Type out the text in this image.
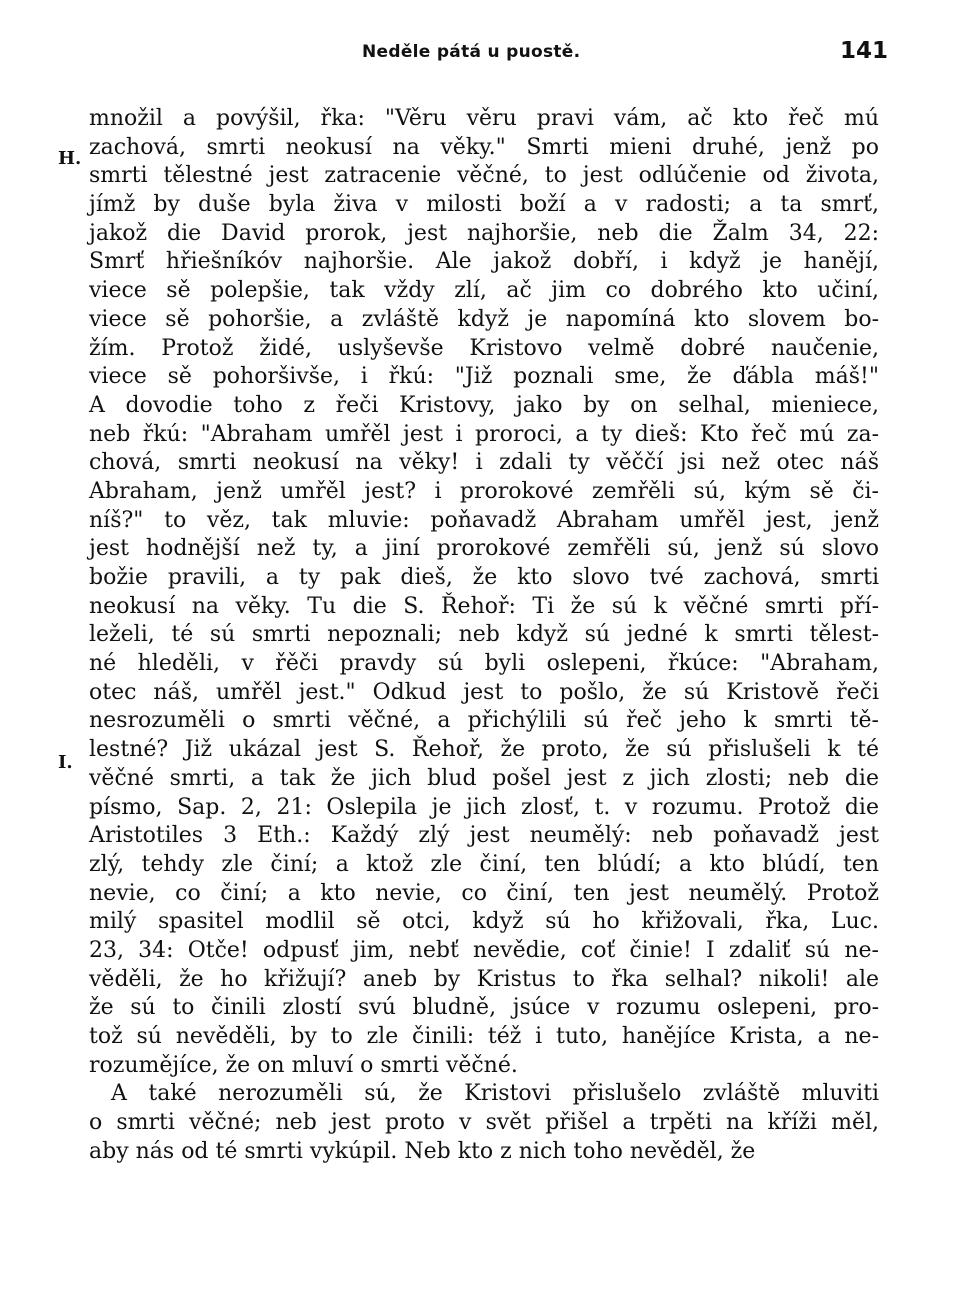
Neděle pátá u puostě.	141
H.
I.
množil a povýšil, řka: "Věru věru pravi vám, ač kto řeč mú
zachová, smrti neokusí na věky." Smrti mieni druhé, jenž po
smrti tělestné jest zatracenie věčné, to jest odlúčenie od života,
jímž by duše byla živa v milosti boží a v radosti; a ta smrť,
jakož die David prorok, jest najhoršie, neb die Žalm 34, 22:
Smrť hřiešníkóv najhoršie. Ale jakož dobří, i když je hanějí,
viece sě polepšie, tak vždy zlí, ač jim co dobrého kto učiní,
viece sě pohoršie, a zvláště když je napomíná kto slovem bo-
žím. Protož židé, uslyševše Kristovo velmě dobré naučenie,
viece sě pohoršivše, i řkú: "Již poznali sme, že ďábla máš!"
A dovodie toho z řeči Kristovy, jako by on selhal, mieniece,
neb řkú: "Abraham umřěl jest i proroci, a ty dieš: Kto řeč mú za-
chová, smrti neokusí na věky! i zdali ty věččí jsi než otec náš
Abraham, jenž umřěl jest? i prorokové zemřěli sú, kým sě či-
níš?" to věz, tak mluvie: poňavadž Abraham umřěl jest, jenž
jest hodnější než ty, a jiní prorokové zemřěli sú, jenž sú slovo
božie pravili, a ty pak dieš, že kto slovo tvé zachová, smrti
neokusí na věky. Tu die S. Řehoř: Ti že sú k věčné smrti pří-
leželi, té sú smrti nepoznali; neb když sú jedné k smrti tělest-
né hleděli, v řěči pravdy sú byli oslepeni, řkúce: "Abraham,
otec náš, umřěl jest." Odkud jest to pošlo, že sú Kristově řeči
nesrozuměli o smrti věčné, a přichýlili sú řeč jeho k smrti tě-
lestné? Již ukázal jest S. Řehoř, že proto, že sú přislušeli k té
věčné smrti, a tak že jich blud pošel jest z jich zlosti; neb die
písmo, Sap. 2, 21: Oslepila je jich zlosť, t. v rozumu. Protož die
Aristotiles 3 Eth.: Každý zlý jest neumělý: neb poňavadž jest
zlý, tehdy zle činí; a ktož zle činí, ten blúdí; a kto blúdí, ten
nevie, co činí; a kto nevie, co činí, ten jest neumělý. Protož
milý spasitel modlil sě otci, když sú ho křižovali, řka, Luc.
23, 34: Otče! odpusť jim, nebť nevědie, coť činie! I zdaliť sú ne-
věděli, že ho křižují? aneb by Kristus to řka selhal? nikoli! ale
že sú to činili zlostí svú bludně, jsúce v rozumu oslepeni, pro-
tož sú nevěděli, by to zle činili: též i tuto, hanějíce Krista, a ne-
rozumějíce, že on mluví o smrti věčné.
A také nerozuměli sú, že Kristovi přislušelo zvláště mluviti
o smrti věčné; neb jest proto v svět přišel a trpěti na kříži měl,
aby nás od té smrti vykúpil. Neb kto z nich toho nevěděl, že
